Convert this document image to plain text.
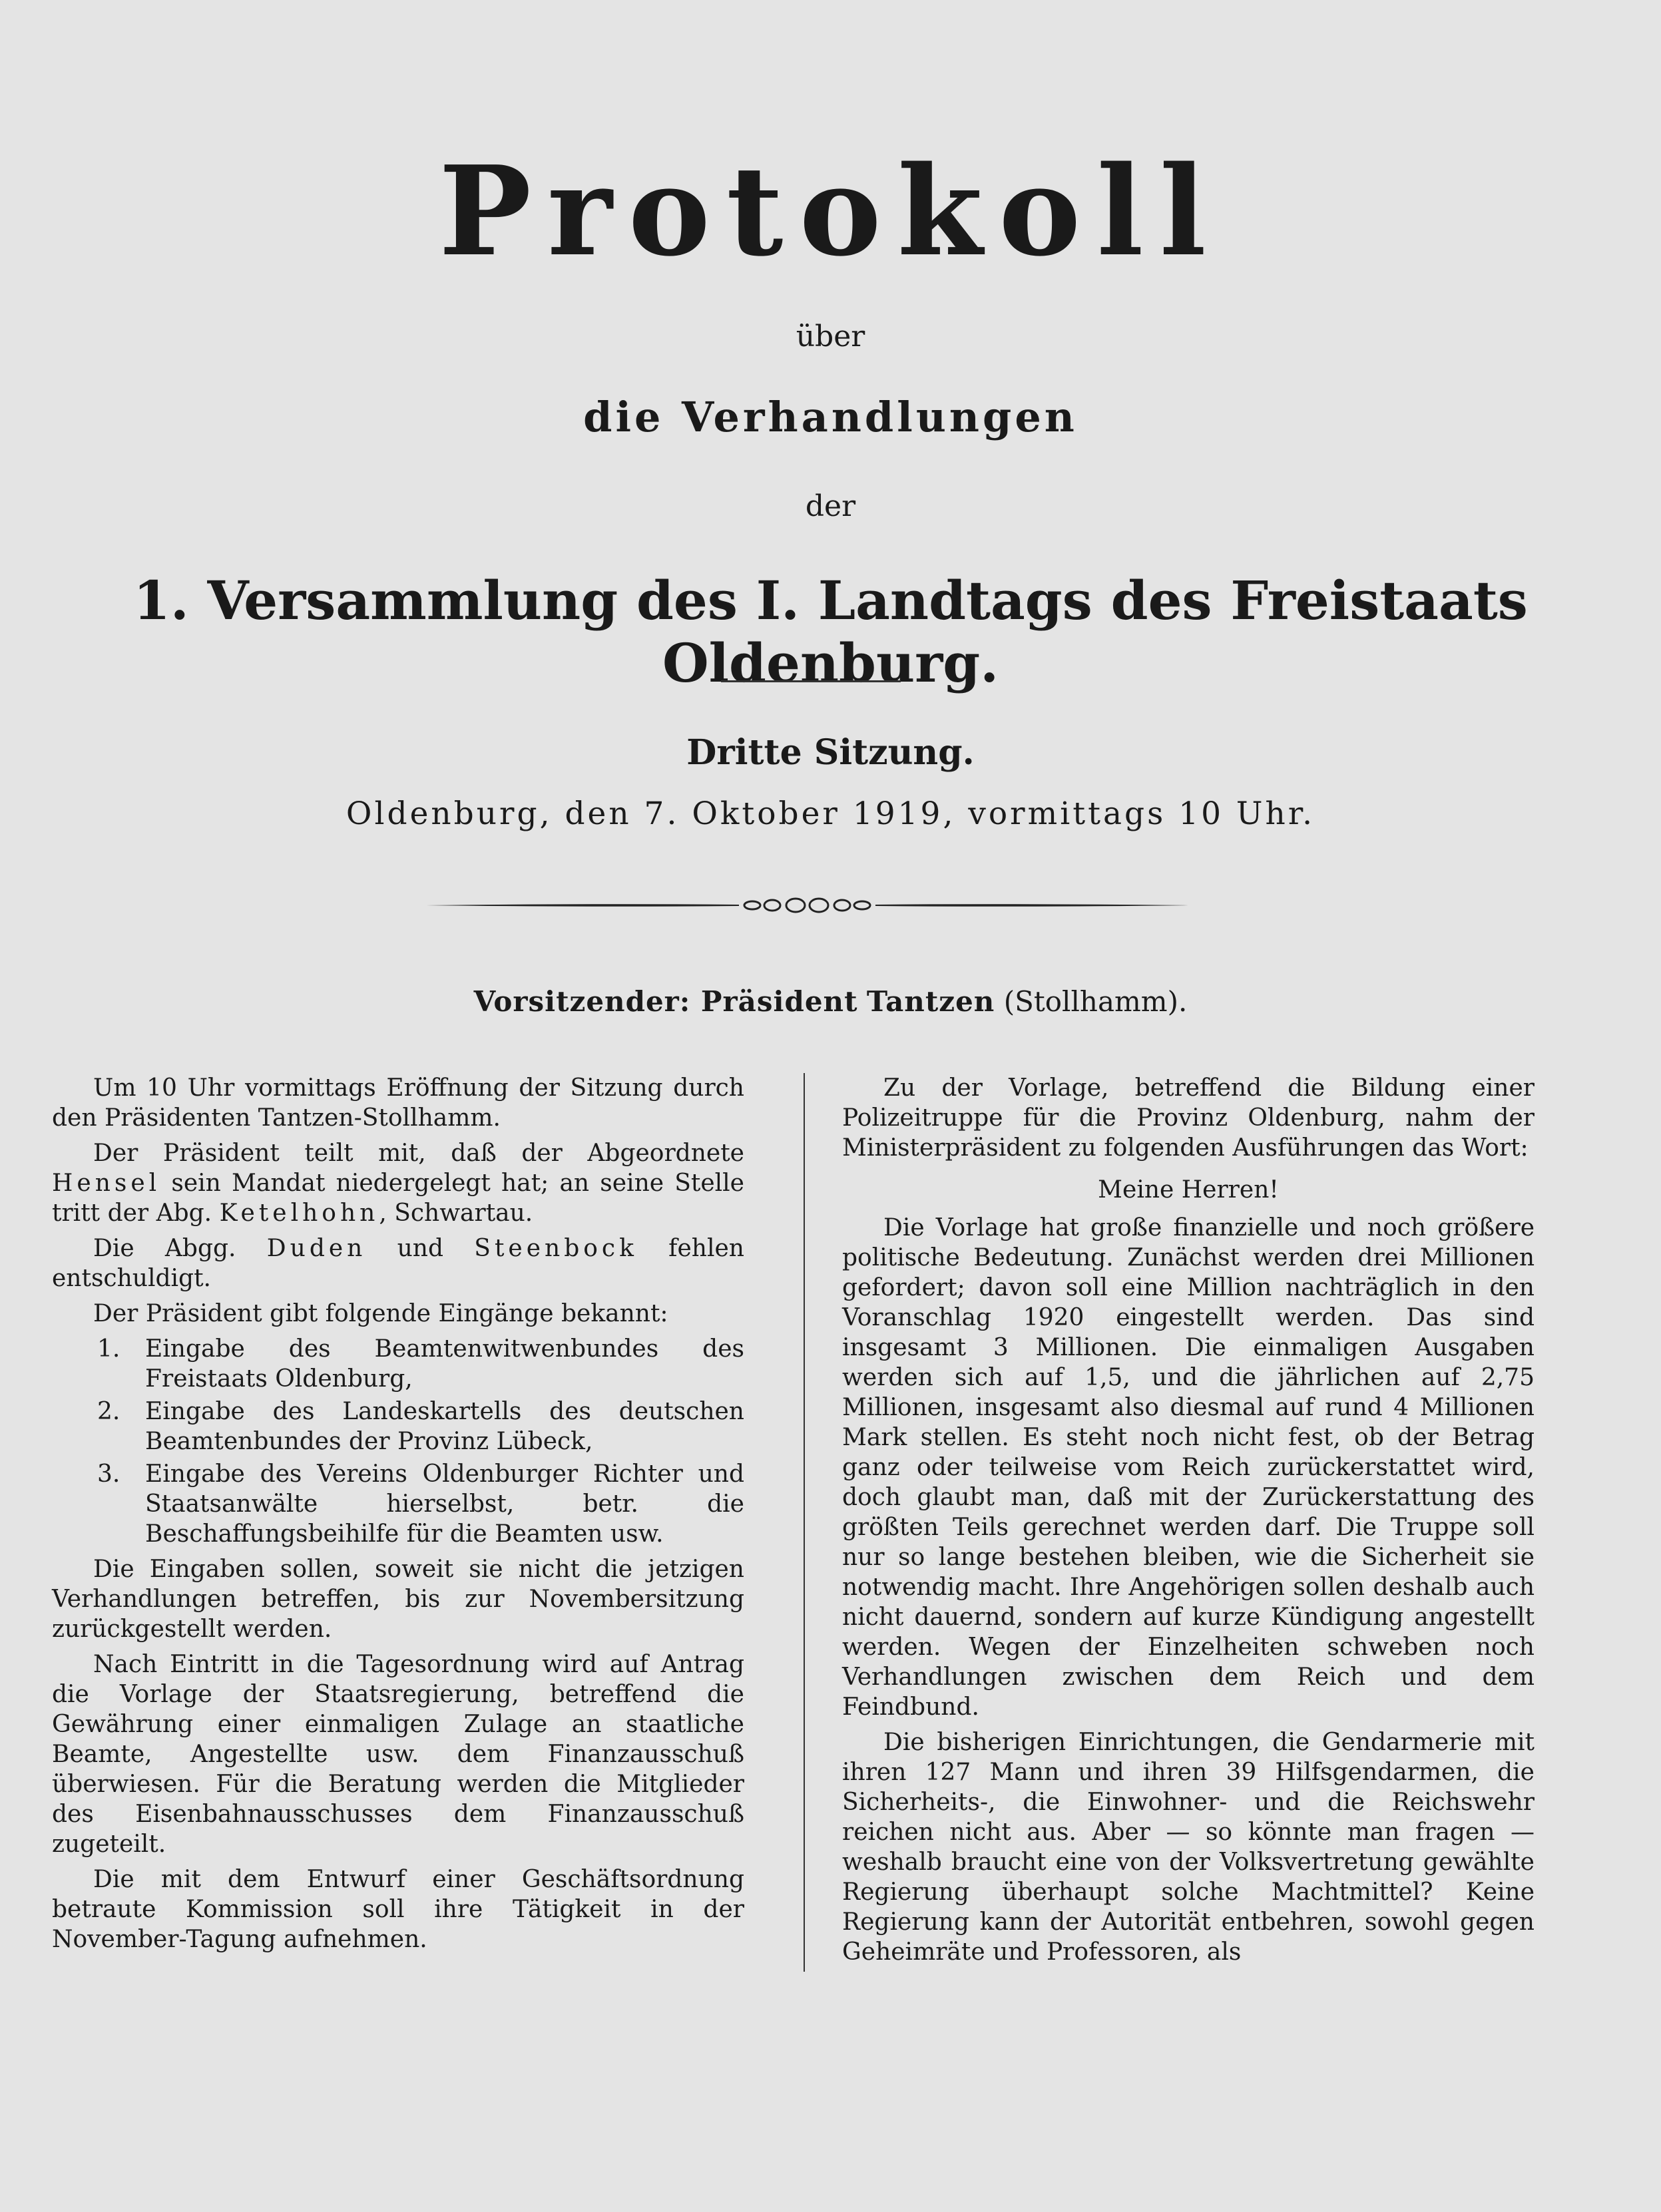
Protokoll
über
die Verhandlungen
der
1. Versammlung des I. Landtags des Freistaats Oldenburg.
Dritte Sitzung.
Oldenburg, den 7. Oktober 1919, vormittags 10 Uhr.
Vorsitzender: Präsident Tantzen (Stollhamm).

Um 10 Uhr vormittags Eröffnung der Sitzung durch den Präsidenten Tantzen-Stollhamm.

Der Präsident teilt mit, daß der Abgeordnete Hensel sein Mandat niedergelegt hat; an seine Stelle tritt der Abg. Ketelhohn, Schwartau.

Die Abgg. Duden und Steenbock fehlen entschuldigt.

Der Präsident gibt folgende Eingänge bekannt:

1. Eingabe des Beamtenwitwenbundes des Freistaats Oldenburg,
2. Eingabe des Landeskartells des deutschen Beamtenbundes der Provinz Lübeck,
3. Eingabe des Vereins Oldenburger Richter und Staatsanwälte hierselbst, betr. die Beschaffungsbeihilfe für die Beamten usw.

Die Eingaben sollen, soweit sie nicht die jetzigen Verhandlungen betreffen, bis zur Novembersitzung zurückgestellt werden.

Nach Eintritt in die Tagesordnung wird auf Antrag die Vorlage der Staatsregierung, betreffend die Gewährung einer einmaligen Zulage an staatliche Beamte, Angestellte usw. dem Finanzausschuß überwiesen. Für die Beratung werden die Mitglieder des Eisenbahnausschusses dem Finanzausschuß zugeteilt.

Die mit dem Entwurf einer Geschäftsordnung betraute Kommission soll ihre Tätigkeit in der November-Tagung aufnehmen.

Zu der Vorlage, betreffend die Bildung einer Polizeitruppe für die Provinz Oldenburg, nahm der Ministerpräsident zu folgenden Ausführungen das Wort:

Meine Herren!

Die Vorlage hat große finanzielle und noch größere politische Bedeutung. Zunächst werden drei Millionen gefordert; davon soll eine Million nachträglich in den Voranschlag 1920 eingestellt werden. Das sind insgesamt 3 Millionen. Die einmaligen Ausgaben werden sich auf 1,5, und die jährlichen auf 2,75 Millionen, insgesamt also diesmal auf rund 4 Millionen Mark stellen. Es steht noch nicht fest, ob der Betrag ganz oder teilweise vom Reich zurückerstattet wird, doch glaubt man, daß mit der Zurückerstattung des größten Teils gerechnet werden darf. Die Truppe soll nur so lange bestehen bleiben, wie die Sicherheit sie notwendig macht. Ihre Angehörigen sollen deshalb auch nicht dauernd, sondern auf kurze Kündigung angestellt werden. Wegen der Einzelheiten schweben noch Verhandlungen zwischen dem Reich und dem Feindbund.

Die bisherigen Einrichtungen, die Gendarmerie mit ihren 127 Mann und ihren 39 Hilfsgendarmen, die Sicherheits-, die Einwohner- und die Reichswehr reichen nicht aus. Aber — so könnte man fragen — weshalb braucht eine von der Volksvertretung gewählte Regierung überhaupt solche Machtmittel? Keine Regierung kann der Autorität entbehren, sowohl gegen Geheimräte und Professoren, als
